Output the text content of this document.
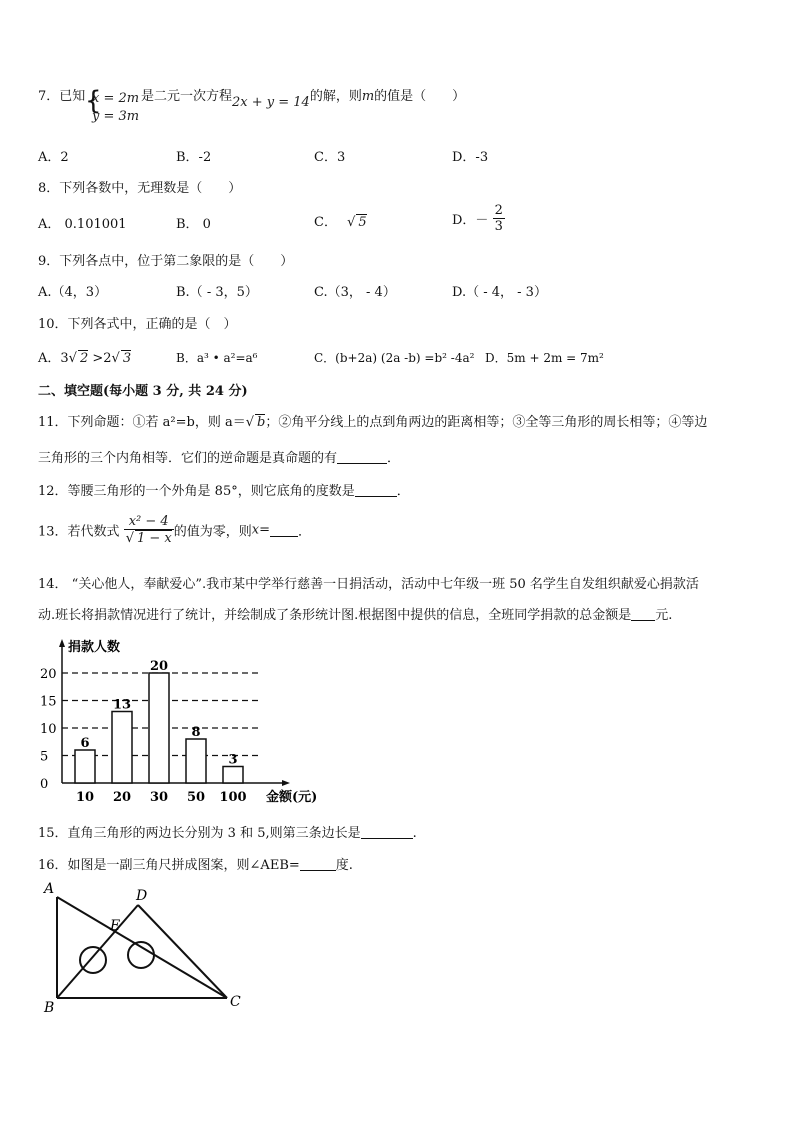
7．已知 {
x = 2m
y = 3m
是二元一次方程2x + y = 14的解，则m的值是（　　）
A．2	B．-2	C．3	D．-3
8．下列各数中，无理数是（　　）
A． 0.101001	B． 0	C． √ 5	D．－ $\frac{2}{3}$
9．下列各点中，位于第二象限的是（　　）
A.（4，3）	B.（ - 3，5）	C.（3， - 4）	D.（ - 4， - 3）
10．下列各式中，正确的是（　）
A．3√ 2 >2√ 3	B．a³ • a²=a⁶	C．(b+2a) (2a -b) =b² -4a² D．5m + 2m = 7m²
二、填空题(每小题 3 分, 共 24 分)
11．下列命题：①若 a²=b，则 a＝√ b；②角平分线上的点到角两边的距离相等；③全等三角形的周长相等；④等边
三角形的三个内角相等．它们的逆命题是真命题的有	．
12．等腰三角形的一个外角是 85°，则它底角的度数是	．
13．若代数式 $\frac{\text{x² − 4}}{√ 1 - x}$ 的值为零，则x= ．
14． “关心他人，奉献爱心”.我市某中学举行慈善一日捐活动，活动中七年级一班 50 名学生自发组织献爱心捐款活
动.班长将捐款情况进行了统计，并绘制成了条形统计图.根据图中提供的信息，全班同学捐款的总金额是 元.
0
5
10
15
20
6
10
13
20
20
30
8
50
3
100
捐款人数
金额(元)
15．直角三角形的两边长分别为 3 和 5,则第三条边长是	.
16．如图是一副三角尺拼成图案，则∠AEB=	度.
A
B	C
D
E
